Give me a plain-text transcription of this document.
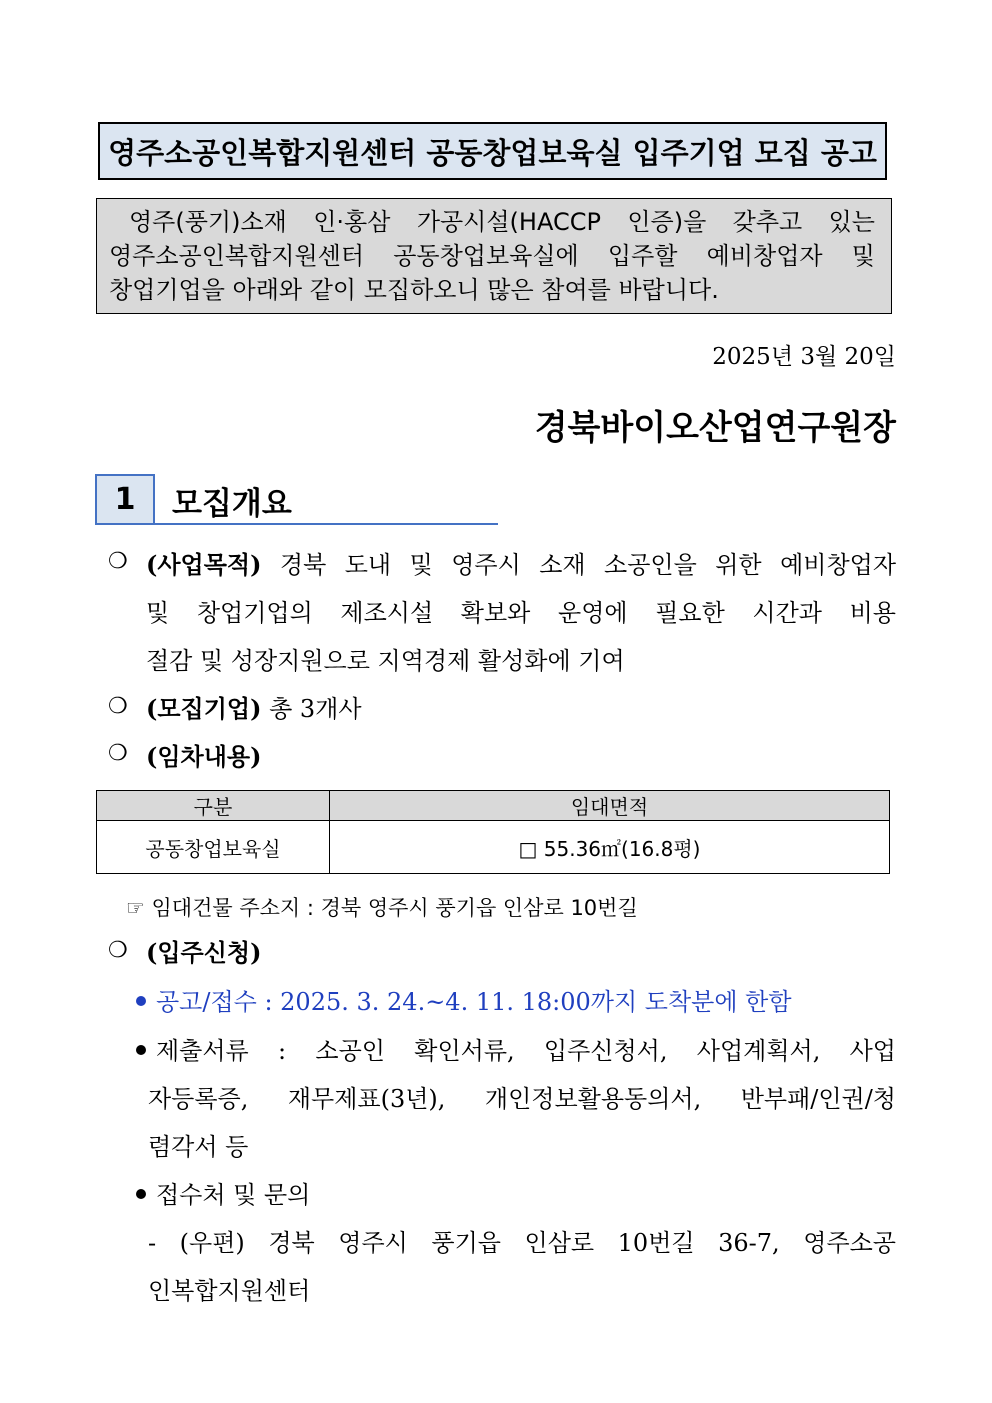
영주소공인복합지원센터 공동창업보육실 입주기업 모집 공고
영주(풍기)소재 인·홍삼 가공시설(HACCP 인증)을 갖추고 있는
영주소공인복합지원센터 공동창업보육실에 입주할 예비창업자 및
창업기업을 아래와 같이 모집하오니 많은 참여를 바랍니다.
2025년 3월 20일
경북바이오산업연구원장
1 모집개요
❍ (사업목적) 경북 도내 및 영주시 소재 소공인을 위한 예비창업자
및 창업기업의 제조시설 확보와 운영에 필요한 시간과 비용
절감 및 성장지원으로 지역경제 활성화에 기여
❍ (모집기업) 총 3개사
❍ (임차내용)
구분	임대면적
공동창업보육실	□ 55.36㎡(16.8평)
☞ 임대건물 주소지 : 경북 영주시 풍기읍 인삼로 10번길
❍ (입주신청)
공고/접수 : 2025. 3. 24.~4. 11. 18:00까지 도착분에 한함
제출서류 : 소공인 확인서류, 입주신청서, 사업계획서, 사업
자등록증, 재무제표(3년), 개인정보활용동의서, 반부패/인권/청
렴각서 등
접수처 및 문의
- (우편) 경북 영주시 풍기읍 인삼로 10번길 36-7, 영주소공
인복합지원센터
